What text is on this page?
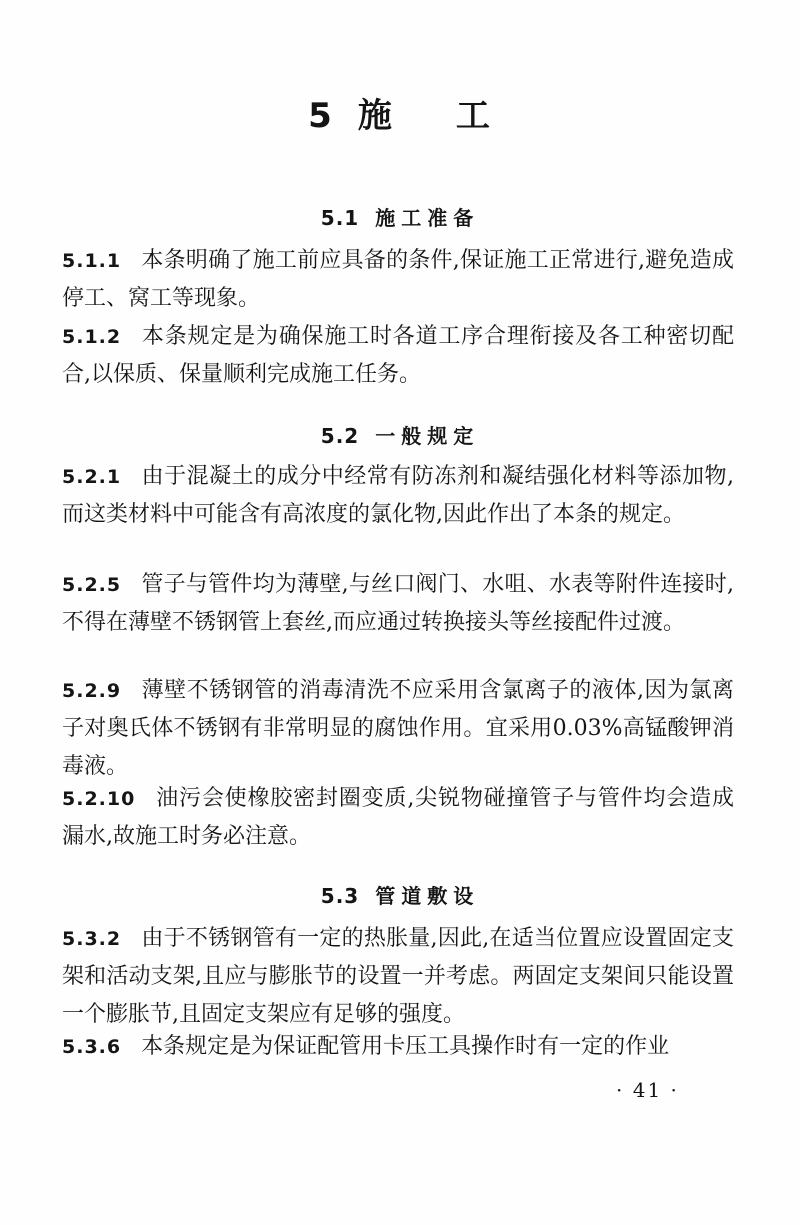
5 施 工
5.1 施工准备

5.1.1 本条明确了施工前应具备的条件,保证施工正常进行,避免造成停工、窝工等现象。

5.1.2 本条规定是为确保施工时各道工序合理衔接及各工种密切配合,以保质、保量顺利完成施工任务。

5.2 一般规定

5.2.1 由于混凝土的成分中经常有防冻剂和凝结强化材料等添加物,而这类材料中可能含有高浓度的氯化物,因此作出了本条的规定。

5.2.5 管子与管件均为薄壁,与丝口阀门、水咀、水表等附件连接时,不得在薄壁不锈钢管上套丝,而应通过转换接头等丝接配件过渡。

5.2.9 薄壁不锈钢管的消毒清洗不应采用含氯离子的液体,因为氯离子对奥氏体不锈钢有非常明显的腐蚀作用。宜采用0.03%高锰酸钾消毒液。

5.2.10 油污会使橡胶密封圈变质,尖锐物碰撞管子与管件均会造成漏水,故施工时务必注意。

5.3 管道敷设

5.3.2 由于不锈钢管有一定的热胀量,因此,在适当位置应设置固定支架和活动支架,且应与膨胀节的设置一并考虑。两固定支架间只能设置一个膨胀节,且固定支架应有足够的强度。

5.3.6 本条规定是为保证配管用卡压工具操作时有一定的作业

· 41 ·
